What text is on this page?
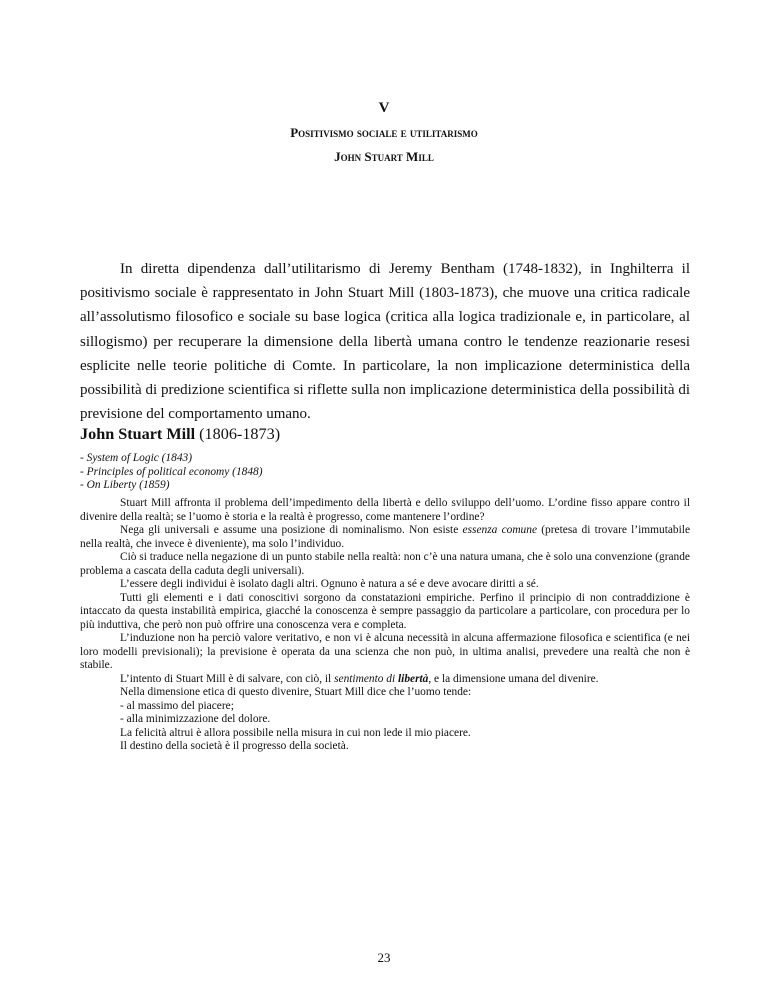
V
Positivismo sociale e utilitarismo
John Stuart Mill

In diretta dipendenza dall’utilitarismo di Jeremy Bentham (1748-1832), in Inghilterra il positivismo sociale è rappresentato in John Stuart Mill (1803-1873), che muove una critica radicale all’assolutismo filosofico e sociale su base logica (critica alla logica tradizionale e, in particolare, al sillogismo) per recuperare la dimensione della libertà umana contro le tendenze reazionarie resesi esplicite nelle teorie politiche di Comte. In particolare, la non implicazione deterministica della possibilità di predizione scientifica si riflette sulla non implicazione deterministica della possibilità di previsione del comportamento umano.

John Stuart Mill (1806-1873)
- System of Logic (1843)
- Principles of political economy (1848)
- On Liberty (1859)

Stuart Mill affronta il problema dell’impedimento della libertà e dello sviluppo dell’uomo. L’ordine fisso appare contro il divenire della realtà; se l’uomo è storia e la realtà è progresso, come mantenere l’ordine?

Nega gli universali e assume una posizione di nominalismo. Non esiste essenza comune (pretesa di trovare l’immutabile nella realtà, che invece è diveniente), ma solo l’individuo.

Ciò si traduce nella negazione di un punto stabile nella realtà: non c’è una natura umana, che è solo una convenzione (grande problema a cascata della caduta degli universali).

L’essere degli individui è isolato dagli altri. Ognuno è natura a sé e deve avocare diritti a sé.

Tutti gli elementi e i dati conoscitivi sorgono da constatazioni empiriche. Perfino il principio di non contraddizione è intaccato da questa instabilità empirica, giacché la conoscenza è sempre passaggio da particolare a particolare, con procedura per lo più induttiva, che però non può offrire una conoscenza vera e completa.

L’induzione non ha perciò valore veritativo, e non vi è alcuna necessità in alcuna affermazione filosofica e scientifica (e nei loro modelli previsionali); la previsione è operata da una scienza che non può, in ultima analisi, prevedere una realtà che non è stabile.

L’intento di Stuart Mill è di salvare, con ciò, il sentimento di libertà, e la dimensione umana del divenire.

Nella dimensione etica di questo divenire, Stuart Mill dice che l’uomo tende:

- al massimo del piacere;

- alla minimizzazione del dolore.

La felicità altrui è allora possibile nella misura in cui non lede il mio piacere.

Il destino della società è il progresso della società.

23
